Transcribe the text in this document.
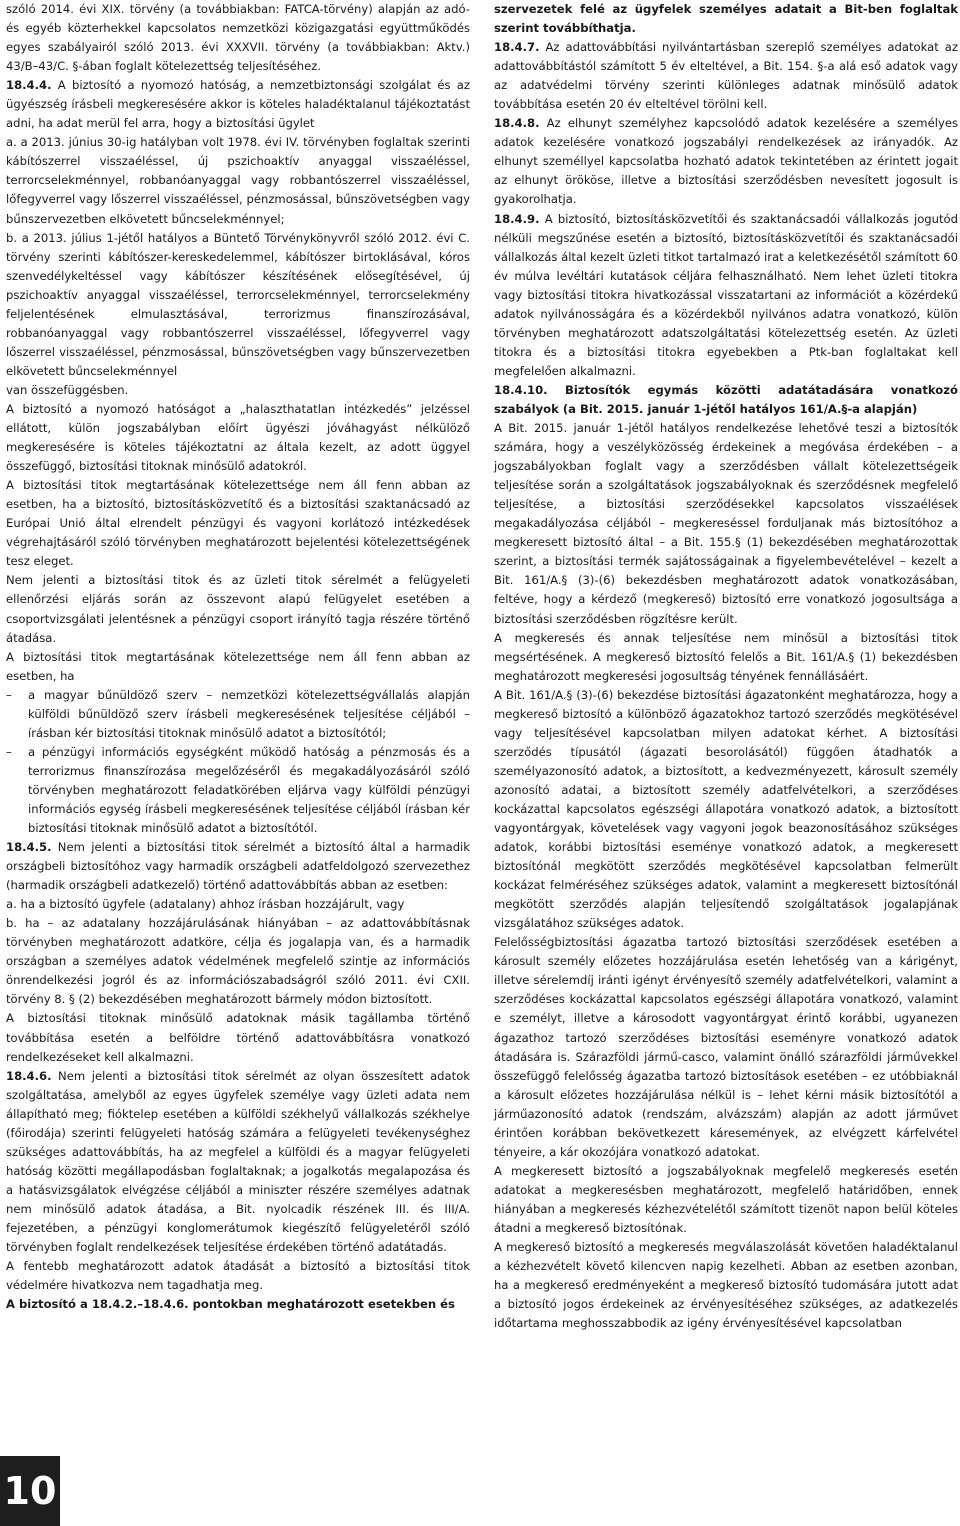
szóló 2014. évi XIX. törvény (a továbbiakban: FATCA-törvény) alapján az adó- és egyéb közterhekkel kapcsolatos nemzetközi közigazgatási együttműködés egyes szabályairól szóló 2013. évi XXXVII. törvény (a továbbiakban: Aktv.) 43/B–43/C. §-ában foglalt kötelezettség teljesítéséhez.

18.4.4. A biztosító a nyomozó hatóság, a nemzetbiztonsági szolgálat és az ügyészség írásbeli megkeresésére akkor is köteles haladéktalanul tájékoztatást adni, ha adat merül fel arra, hogy a biztosítási ügylet

a. a 2013. június 30-ig hatályban volt 1978. évi IV. törvényben foglaltak szerinti kábítószerrel visszaéléssel, új pszichoaktív anyaggal visszaéléssel, terrorcselekménnyel, robbanóanyaggal vagy robbantószerrel visszaéléssel, lőfegyverrel vagy lőszerrel visszaéléssel, pénzmosással, bűnszövetségben vagy bűnszervezetben elkövetett bűncselekménnyel;

b. a 2013. július 1-jétől hatályos a Büntető Törvénykönyvről szóló 2012. évi C. törvény szerinti kábítószer-kereskedelemmel, kábítószer birtoklásával, kóros szenvedélykeltéssel vagy kábítószer készítésének elősegítésével, új pszichoaktív anyaggal visszaéléssel, terrorcselekménnyel, terrorcselekmény feljelentésének elmulasztásával, terrorizmus finanszírozásával, robbanóanyaggal vagy robbantószerrel visszaéléssel, lőfegyverrel vagy lőszerrel visszaéléssel, pénzmosással, bűnszövetségben vagy bűnszervezetben elkövetett bűncselekménnyel

van összefüggésben.

A biztosító a nyomozó hatóságot a „halaszthatatlan intézkedés” jelzéssel ellátott, külön jogszabályban előírt ügyészi jóváhagyást nélkülöző megkeresésére is köteles tájékoztatni az általa kezelt, az adott üggyel összefüggő, biztosítási titoknak minősülő adatokról.

A biztosítási titok megtartásának kötelezettsége nem áll fenn abban az esetben, ha a biztosító, biztosításközvetítő és a biztosítási szaktanácsadó az Európai Unió által elrendelt pénzügyi és vagyoni korlátozó intézkedések végrehajtásáról szóló törvényben meghatározott bejelentési kötelezettségének tesz eleget.

Nem jelenti a biztosítási titok és az üzleti titok sérelmét a felügyeleti ellenőrzési eljárás során az összevont alapú felügyelet esetében a csoportvizsgálati jelentésnek a pénzügyi csoport irányító tagja részére történő átadása.

A biztosítási titok megtartásának kötelezettsége nem áll fenn abban az esetben, ha

– a magyar bűnüldöző szerv – nemzetközi kötelezettségvállalás alapján külföldi bűnüldöző szerv írásbeli megkeresésének teljesítése céljából – írásban kér biztosítási titoknak minősülő adatot a biztosítótól;

– a pénzügyi információs egységként működő hatóság a pénzmosás és a terrorizmus finanszírozása megelőzéséről és megakadályozásáról szóló törvényben meghatározott feladatkörében eljárva vagy külföldi pénzügyi információs egység írásbeli megkeresésének teljesítése céljából írásban kér biztosítási titoknak minősülő adatot a biztosítótól.

18.4.5. Nem jelenti a biztosítási titok sérelmét a biztosító által a harmadik országbeli biztosítóhoz vagy harmadik országbeli adatfeldolgozó szervezethez (harmadik országbeli adatkezelő) történő adattovábbítás abban az esetben:

a. ha a biztosító ügyfele (adatalany) ahhoz írásban hozzájárult, vagy

b. ha – az adatalany hozzájárulásának hiányában – az adattovábbításnak törvényben meghatározott adatköre, célja és jogalapja van, és a harmadik országban a személyes adatok védelmének megfelelő szintje az információs önrendelkezési jogról és az információszabadságról szóló 2011. évi CXII. törvény 8. § (2) bekezdésében meghatározott bármely módon biztosított.

A biztosítási titoknak minősülő adatoknak másik tagállamba történő továbbítása esetén a belföldre történő adattovábbításra vonatkozó rendelkezéseket kell alkalmazni.

18.4.6. Nem jelenti a biztosítási titok sérelmét az olyan összesített adatok szolgáltatása, amelyből az egyes ügyfelek személye vagy üzleti adata nem állapítható meg; fióktelep esetében a külföldi székhelyű vállalkozás székhelye (főirodája) szerinti felügyeleti hatóság számára a felügyeleti tevékenységhez szükséges adattovábbítás, ha az megfelel a külföldi és a magyar felügyeleti hatóság közötti megállapodásban foglaltaknak; a jogalkotás megalapozása és a hatásvizsgálatok elvégzése céljából a miniszter részére személyes adatnak nem minősülő adatok átadása, a Bit. nyolcadik részének III. és III/A. fejezetében, a pénzügyi konglomerátumok kiegészítő felügyeletéről szóló törvényben foglalt rendelkezések teljesítése érdekében történő adatátadás.

A fentebb meghatározott adatok átadását a biztosító a biztosítási titok védelmére hivatkozva nem tagadhatja meg.

A biztosító a 18.4.2.–18.4.6. pontokban meghatározott esetekben és

szervezetek felé az ügyfelek személyes adatait a Bit-ben foglaltak szerint továbbíthatja.

18.4.7. Az adattovábbítási nyilvántartásban szereplő személyes adatokat az adattovábbítástól számított 5 év elteltével, a Bit. 154. §-a alá eső adatok vagy az adatvédelmi törvény szerinti különleges adatnak minősülő adatok továbbítása esetén 20 év elteltével törölni kell.

18.4.8. Az elhunyt személyhez kapcsolódó adatok kezelésére a személyes adatok kezelésére vonatkozó jogszabályi rendelkezések az irányadók. Az elhunyt személlyel kapcsolatba hozható adatok tekintetében az érintett jogait az elhunyt örököse, illetve a biztosítási szerződésben nevesített jogosult is gyakorolhatja.

18.4.9. A biztosító, biztosításközvetítői és szaktanácsadói vállalkozás jogutód nélküli megszűnése esetén a biztosító, biztosításközvetítői és szaktanácsadói vállalkozás által kezelt üzleti titkot tartalmazó irat a keletkezésétől számított 60 év múlva levéltári kutatások céljára felhasználható. Nem lehet üzleti titokra vagy biztosítási titokra hivatkozással visszatartani az információt a közérdekű adatok nyilvánosságára és a közérdekből nyilvános adatra vonatkozó, külön törvényben meghatározott adatszolgáltatási kötelezettség esetén. Az üzleti titokra és a biztosítási titokra egyebekben a Ptk-ban foglaltakat kell megfelelően alkalmazni.

18.4.10. Biztosítók egymás közötti adatátadására vonatkozó szabályok (a Bit. 2015. január 1-jétől hatályos 161/A.§-a alapján)

A Bit. 2015. január 1-jétől hatályos rendelkezése lehetővé teszi a biztosítók számára, hogy a veszélyközösség érdekeinek a megóvása érdekében – a jogszabályokban foglalt vagy a szerződésben vállalt kötelezettségeik teljesítése során a szolgáltatások jogszabályoknak és szerződésnek megfelelő teljesítése, a biztosítási szerződésekkel kapcsolatos visszaélések megakadályozása céljából – megkereséssel forduljanak más biztosítóhoz a megkeresett biztosító által – a Bit. 155.§ (1) bekezdésében meghatározottak szerint, a biztosítási termék sajátosságainak a figyelembevételével – kezelt a Bit. 161/A.§ (3)-(6) bekezdésben meghatározott adatok vonatkozásában, feltéve, hogy a kérdező (megkereső) biztosító erre vonatkozó jogosultsága a biztosítási szerződésben rögzítésre került.

A megkeresés és annak teljesítése nem minősül a biztosítási titok megsértésének. A megkereső biztosító felelős a Bit. 161/A.§ (1) bekezdésben meghatározott megkeresési jogosultság tényének fennállásáért.

A Bit. 161/A.§ (3)-(6) bekezdése biztosítási ágazatonként meghatározza, hogy a megkereső biztosító a különböző ágazatokhoz tartozó szerződés megkötésével vagy teljesítésével kapcsolatban milyen adatokat kérhet. A biztosítási szerződés típusától (ágazati besorolásától) függően átadhatók a személyazonosító adatok, a biztosított, a kedvezményezett, károsult személy azonosító adatai, a biztosított személy adatfelvételkori, a szerződéses kockázattal kapcsolatos egészségi állapotára vonatkozó adatok, a biztosított vagyontárgyak, követelések vagy vagyoni jogok beazonosításához szükséges adatok, korábbi biztosítási eseménye vonatkozó adatok, a megkeresett biztosítónál megkötött szerződés megkötésével kapcsolatban felmerült kockázat felméréséhez szükséges adatok, valamint a megkeresett biztosítónál megkötött szerződés alapján teljesítendő szolgáltatások jogalapjának vizsgálatához szükséges adatok.

Felelősségbiztosítási ágazatba tartozó biztosítási szerződések esetében a károsult személy előzetes hozzájárulása esetén lehetőség van a kárigényt, illetve sérelemdíj iránti igényt érvényesítő személy adatfelvételkori, valamint a szerződéses kockázattal kapcsolatos egészségi állapotára vonatkozó, valamint e személyt, illetve a károsodott vagyontárgyat érintő korábbi, ugyanezen ágazathoz tartozó szerződéses biztosítási eseményre vonatkozó adatok átadására is. Szárazföldi jármű-casco, valamint önálló szárazföldi járművekkel összefüggő felelősség ágazatba tartozó biztosítások esetében – ez utóbbiaknál a károsult előzetes hozzájárulása nélkül is – lehet kérni másik biztosítótól a járműazonosító adatok (rendszám, alvázszám) alapján az adott járművet érintően korábban bekövetkezett káresemények, az elvégzett kárfelvétel tényeire, a kár okozójára vonatkozó adatokat.

A megkeresett biztosító a jogszabályoknak megfelelő megkeresés esetén adatokat a megkeresésben meghatározott, megfelelő határidőben, ennek hiányában a megkeresés kézhezvételétől számított tizenöt napon belül köteles átadni a megkereső biztosítónak.

A megkereső biztosító a megkeresés megválaszolását követően haladéktalanul a kézhezvételt követő kilencven napig kezelheti. Abban az esetben azonban, ha a megkereső eredményeként a megkereső biztosító tudomására jutott adat a biztosító jogos érdekeinek az érvényesítéséhez szükséges, az adatkezelés időtartama meghosszabbodik az igény érvényesítésével kapcsolatban

10
